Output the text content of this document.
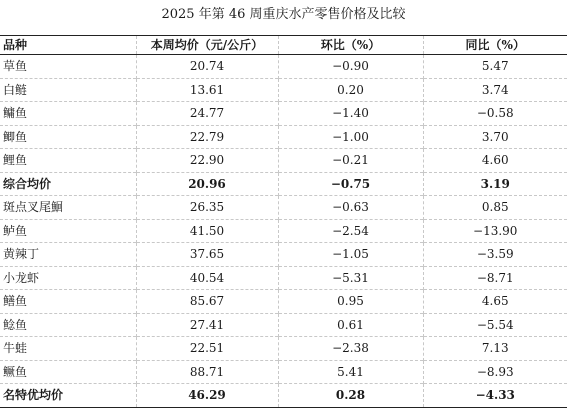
2025 年第 46 周重庆水产零售价格及比较
品种	本周均价（元/公斤）	环比（%）	同比（%）
草鱼	20.74	−0.90	5.47
白鲢	13.61	0.20	3.74
鳙鱼	24.77	−1.40	−0.58
鲫鱼	22.79	−1.00	3.70
鲤鱼	22.90	−0.21	4.60
综合均价	20.96	−0.75	3.19
斑点叉尾鮰	26.35	−0.63	0.85
鲈鱼	41.50	−2.54	−13.90
黄辣丁	37.65	−1.05	−3.59
小龙虾	40.54	−5.31	−8.71
鳝鱼	85.67	0.95	4.65
鲶鱼	27.41	0.61	−5.54
牛蛙	22.51	−2.38	7.13
鳜鱼	88.71	5.41	−8.93
名特优均价	46.29	0.28	−4.33
